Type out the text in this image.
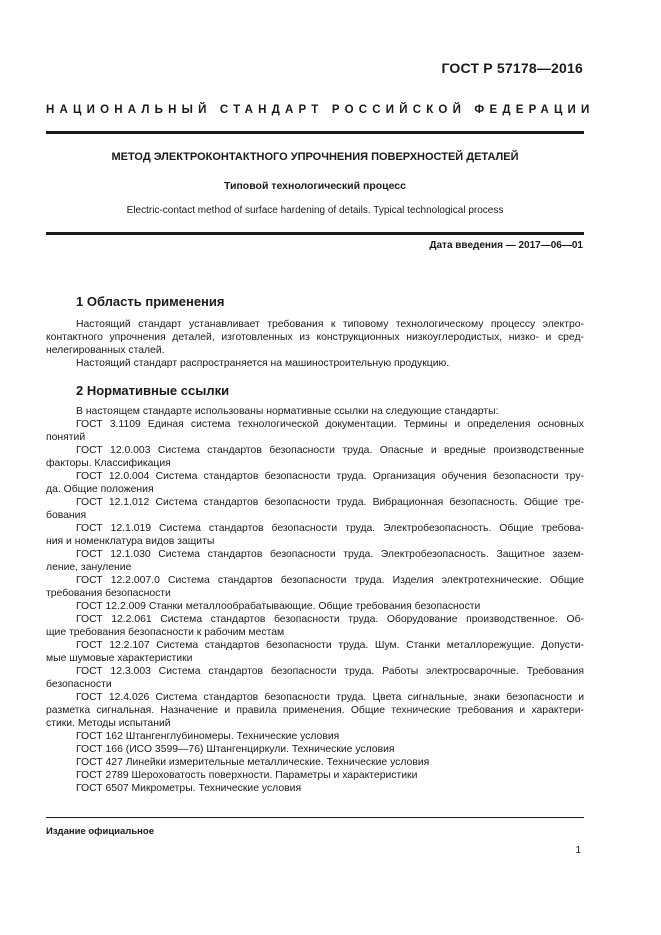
ГОСТ Р 57178—2016
НАЦИОНАЛЬНЫЙ СТАНДАРТ РОССИЙСКОЙ ФЕДЕРАЦИИ
МЕТОД ЭЛЕКТРОКОНТАКТНОГО УПРОЧНЕНИЯ ПОВЕРХНОСТЕЙ ДЕТАЛЕЙ
Типовой технологический процесс
Electric-contact method of surface hardening of details. Typical technological process
Дата введения — 2017—06—01
1 Область применения
Настоящий стандарт устанавливает требования к типовому технологическому процессу электро-
контактного упрочнения деталей, изготовленных из конструкционных низкоуглеродистых, низко- и сред-
нелегированных сталей.
Настоящий стандарт распространяется на машиностроительную продукцию.
2 Нормативные ссылки
В настоящем стандарте использованы нормативные ссылки на следующие стандарты:
ГОСТ 3.1109 Единая система технологической документации. Термины и определения основных
понятий
ГОСТ 12.0.003 Система стандартов безопасности труда. Опасные и вредные производственные
факторы. Классификация
ГОСТ 12.0.004 Система стандартов безопасности труда. Организация обучения безопасности тру-
да. Общие положения
ГОСТ 12.1.012 Система стандартов безопасности труда. Вибрационная безопасность. Общие тре-
бования
ГОСТ 12.1.019 Система стандартов безопасности труда. Электробезопасность. Общие требова-
ния и номенклатура видов защиты
ГОСТ 12.1.030 Система стандартов безопасности труда. Электробезопасность. Защитное зазем-
ление, зануление
ГОСТ 12.2.007.0 Система стандартов безопасности труда. Изделия электротехнические. Общие
требования безопасности
ГОСТ 12.2.009 Станки металлообрабатывающие. Общие требования безопасности
ГОСТ 12.2.061 Система стандартов безопасности труда. Оборудование производственное. Об-
щие требования безопасности к рабочим местам
ГОСТ 12.2.107 Система стандартов безопасности труда. Шум. Станки металлорежущие. Допусти-
мые шумовые характеристики
ГОСТ 12.3.003 Система стандартов безопасности труда. Работы электросварочные. Требования
безопасности
ГОСТ 12.4.026 Система стандартов безопасности труда. Цвета сигнальные, знаки безопасности и
разметка сигнальная. Назначение и правила применения. Общие технические требования и характери-
стики. Методы испытаний
ГОСТ 162 Штангенглубиномеры. Технические условия
ГОСТ 166 (ИСО 3599—76) Штангенциркули. Технические условия
ГОСТ 427 Линейки измерительные металлические. Технические условия
ГОСТ 2789 Шероховатость поверхности. Параметры и характеристики
ГОСТ 6507 Микрометры. Технические условия
Издание официальное
1
